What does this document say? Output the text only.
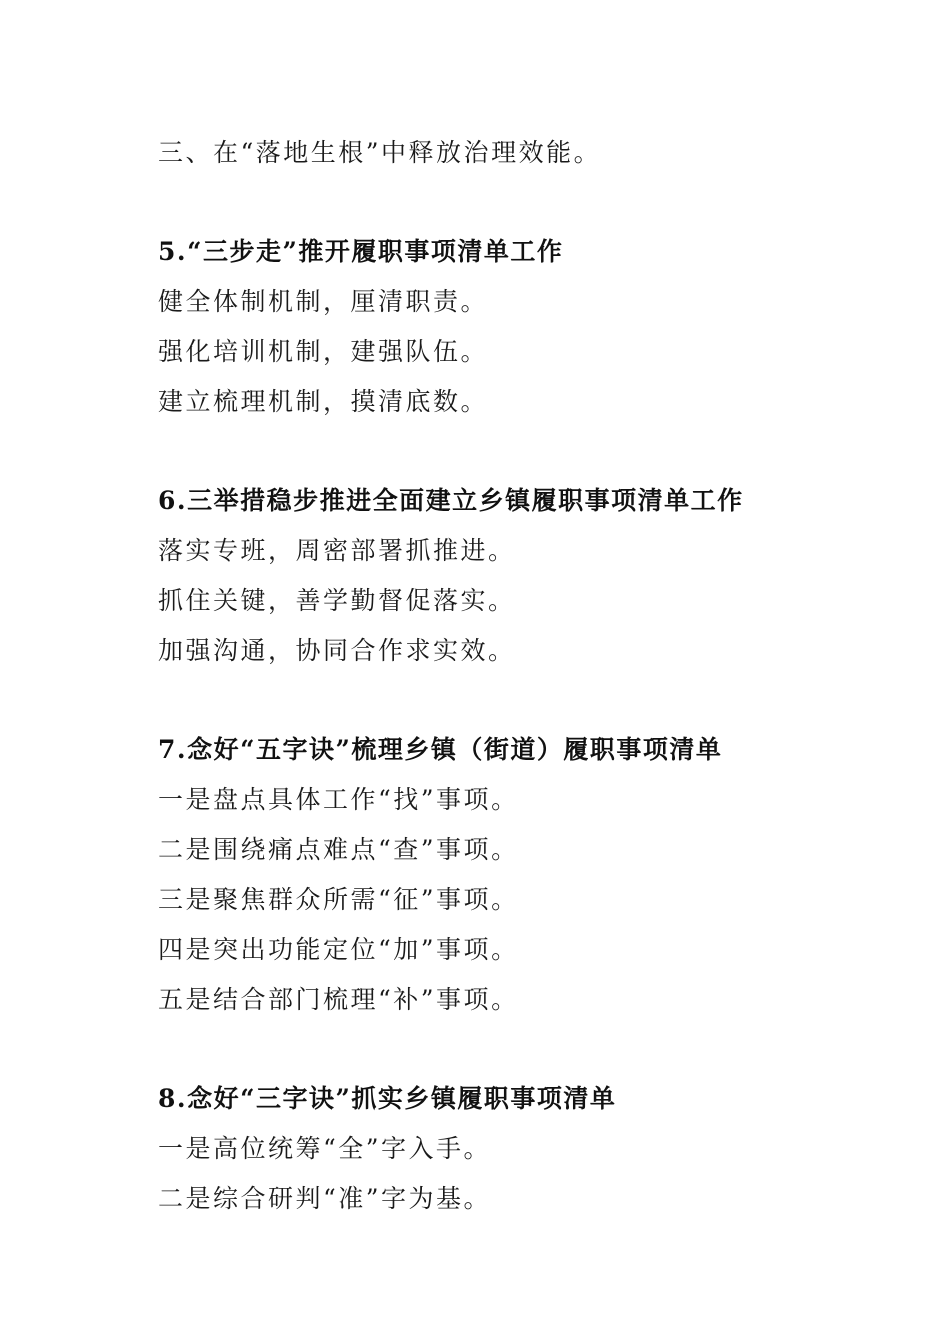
三、在“落地生根”中释放治理效能。
5.“三步走”推开履职事项清单工作
健全体制机制，厘清职责。
强化培训机制，建强队伍。
建立梳理机制，摸清底数。
6.三举措稳步推进全面建立乡镇履职事项清单工作
落实专班，周密部署抓推进。
抓住关键，善学勤督促落实。
加强沟通，协同合作求实效。
7.念好“五字诀”梳理乡镇（街道）履职事项清单
一是盘点具体工作“找”事项。
二是围绕痛点难点“查”事项。
三是聚焦群众所需“征”事项。
四是突出功能定位“加”事项。
五是结合部门梳理“补”事项。
8.念好“三字诀”抓实乡镇履职事项清单
一是高位统筹“全”字入手。
二是综合研判“准”字为基。
